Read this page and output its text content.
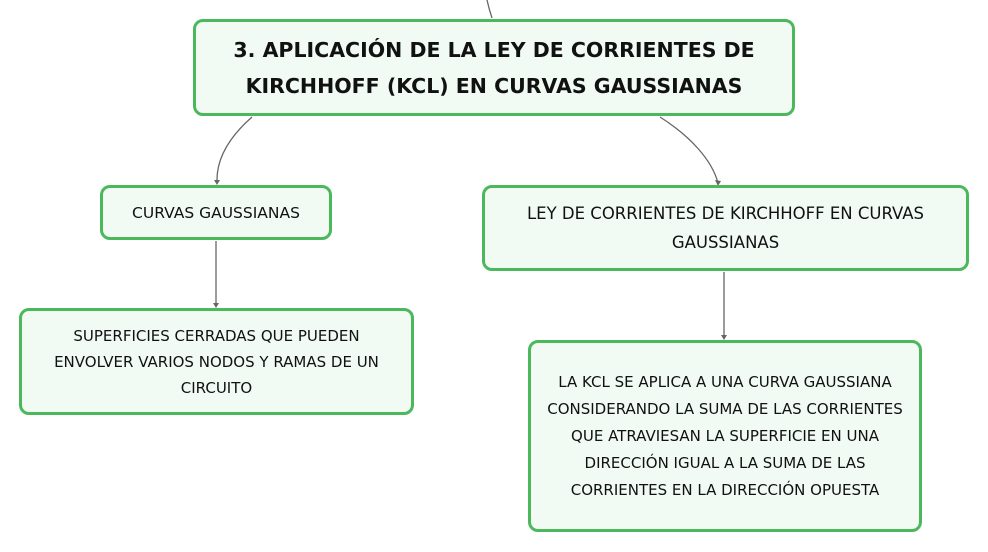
3. APLICACIÓN DE LA LEY DE CORRIENTES DE KIRCHHOFF (KCL) EN CURVAS GAUSSIANAS
CURVAS GAUSSIANAS	LEY DE CORRIENTES DE KIRCHHOFF EN CURVAS GAUSSIANAS
SUPERFICIES CERRADAS QUE PUEDEN ENVOLVER VARIOS NODOS Y RAMAS DE UN CIRCUITO	LA KCL SE APLICA A UNA CURVA GAUSSIANA CONSIDERANDO LA SUMA DE LAS CORRIENTES QUE ATRAVIESAN LA SUPERFICIE EN UNA DIRECCIÓN IGUAL A LA SUMA DE LAS CORRIENTES EN LA DIRECCIÓN OPUESTA
